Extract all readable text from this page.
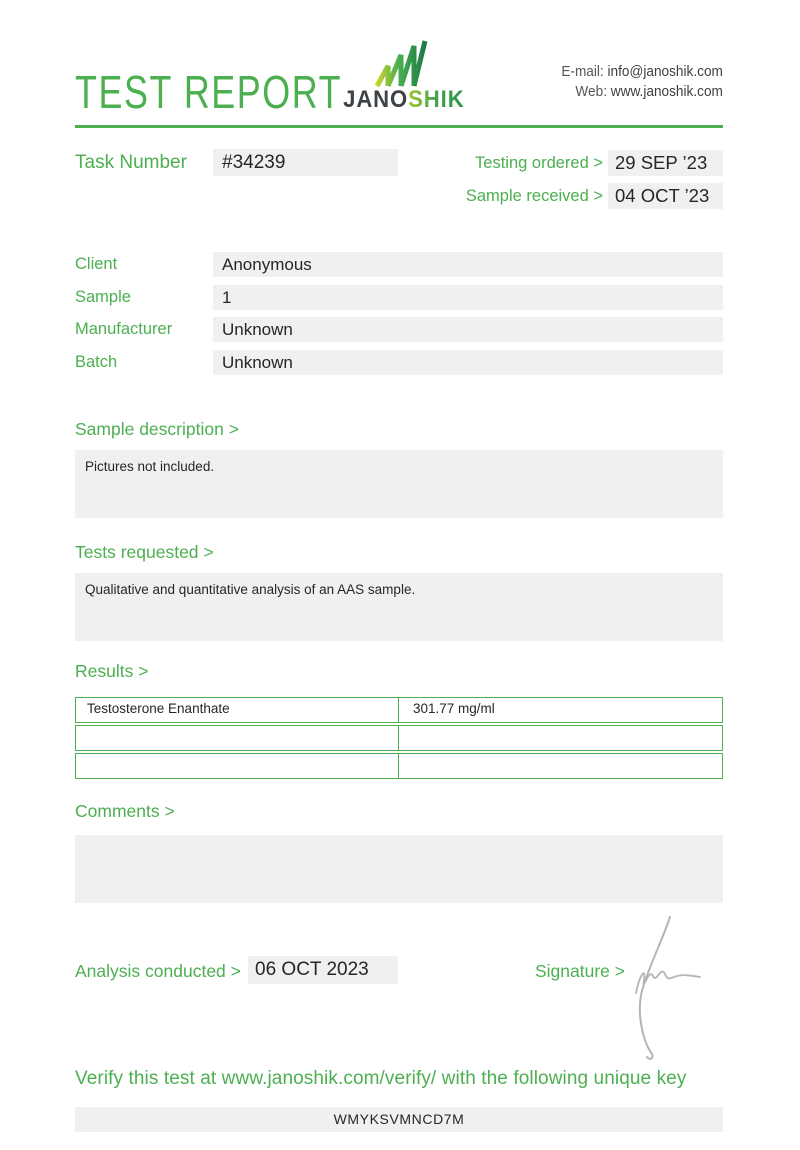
TEST REPORT JANOSHIK
E-mail: info@janoshik.com
Web: www.janoshik.com
Task Number	#34239	Testing ordered > 29 SEP ’23
Sample received > 04 OCT ’23
Client	Anonymous
Sample	1
Manufacturer	Unknown
Batch	Unknown
Sample description >
Pictures not included.
Tests requested >
Qualitative and quantitative analysis of an AAS sample.
Results >
Testosterone Enanthate	301.77 mg/ml
Comments >
Analysis conducted > 06 OCT 2023	Signature >
Verify this test at www.janoshik.com/verify/ with the following unique key
WMYKSVMNCD7M
